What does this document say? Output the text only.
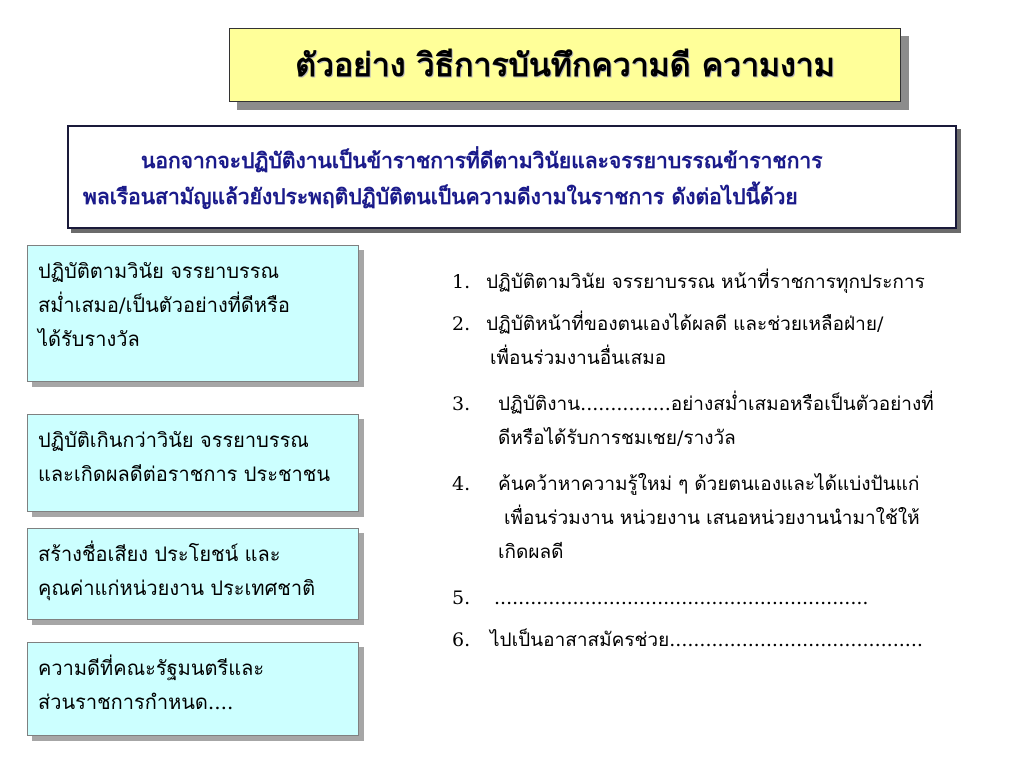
ตัวอย่าง วิธีการบันทึกความดี ความงาม
นอกจากจะปฏิบัติงานเป็นข้าราชการที่ดีตามวินัยและจรรยาบรรณข้าราชการ
พลเรือนสามัญแล้วยังประพฤติปฏิบัติตนเป็นความดีงามในราชการ ดังต่อไปนี้ด้วย
ปฏิบัติตามวินัย จรรยาบรรณ
สม่ำเสมอ/เป็นตัวอย่างที่ดีหรือ
ได้รับรางวัล
ปฏิบัติเกินกว่าวินัย จรรยาบรรณ
และเกิดผลดีต่อราชการ ประชาชน
สร้างชื่อเสียง ประโยชน์ และ
คุณค่าแก่หน่วยงาน ประเทศชาติ
ความดีที่คณะรัฐมนตรีและ
ส่วนราชการกำหนด....
1. ปฏิบัติตามวินัย จรรยาบรรณ หน้าที่ราชการทุกประการ
2. ปฏิบัติหน้าที่ของตนเองได้ผลดี และช่วยเหลือฝ่าย/
เพื่อนร่วมงานอื่นเสมอ
3.	ปฏิบัติงาน...............อย่างสม่ำเสมอหรือเป็นตัวอย่างที่
ดีหรือได้รับการชมเชย/รางวัล
4.	ค้นคว้าหาความรู้ใหม่ ๆ ด้วยตนเองและได้แบ่งปันแก่
เพื่อนร่วมงาน หน่วยงาน เสนอหน่วยงานนำมาใช้ให้
เกิดผลดี
5.	..............................................................
6.	ไปเป็นอาสาสมัครช่วย..........................................
